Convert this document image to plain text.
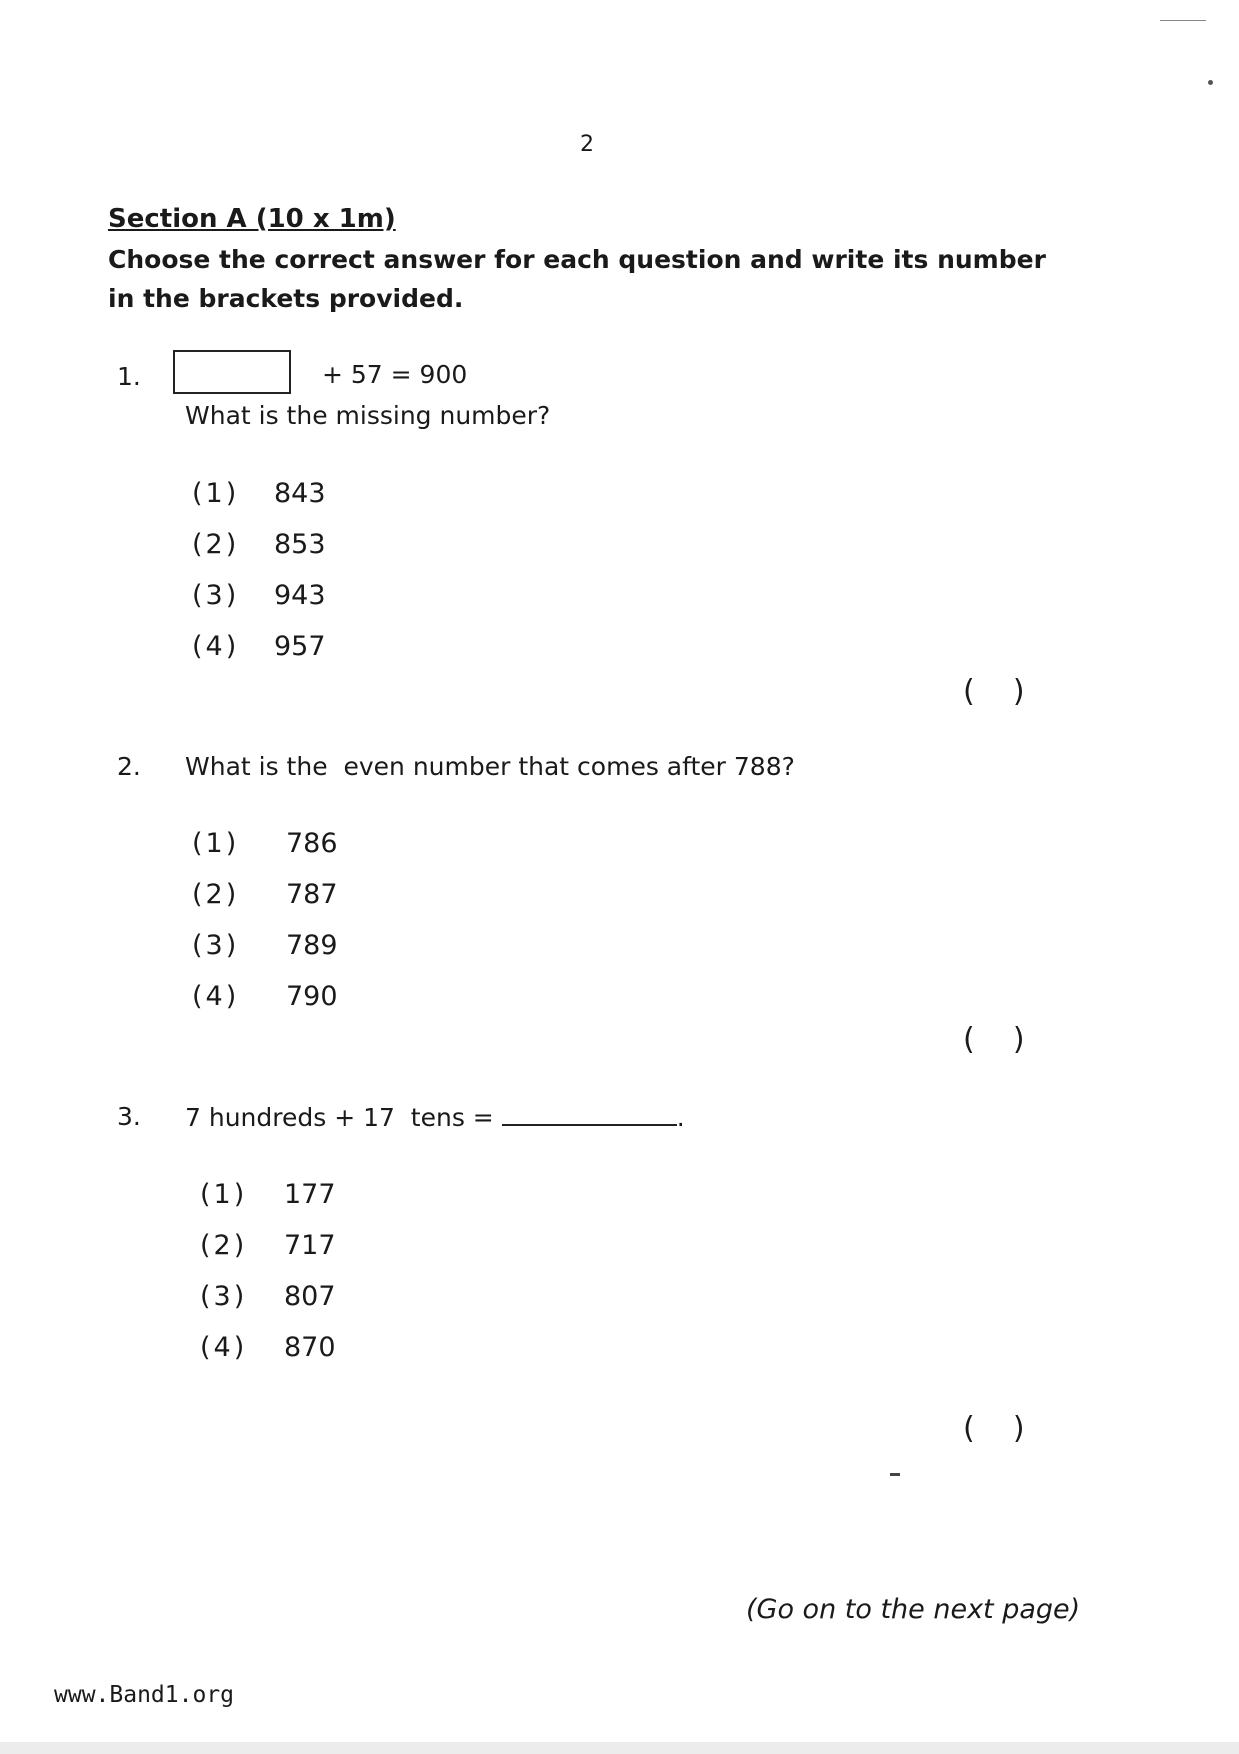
2
Section A (10 x 1m)
Choose the correct answer for each question and write its number in the brackets provided.
1.	+ 57 = 900
What is the missing number?
(1) 843
(2) 853
(3) 943
(4) 957
(    )
2. What is the  even number that comes after 788?
(1) 786
(2) 787
(3) 789
(4) 790
(    )
3. 7 hundreds + 17  tens =	.
(1) 177
(2) 717
(3) 807
(4) 870
(    )
(Go on to the next page)
www.Band1.org
